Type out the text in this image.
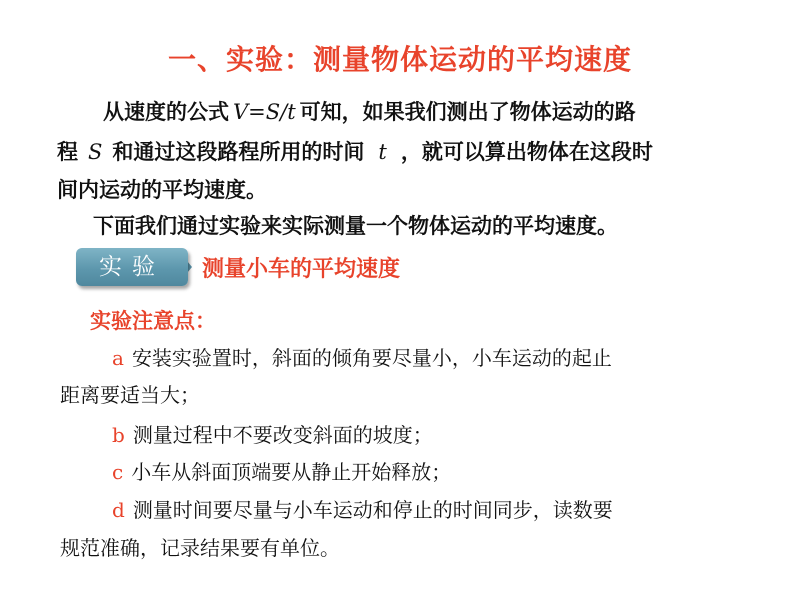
一、实验：测量物体运动的平均速度
从速度的公式 V=S/t 可知，如果我们测出了物体运动的路
程 S 和通过这段路程所用的时间 t ，就可以算出物体在这段时
间内运动的平均速度。
下面我们通过实验来实际测量一个物体运动的平均速度。
实验	测量小车的平均速度
实验注意点：
a 安装实验置时，斜面的倾角要尽量小，小车运动的起止
距离要适当大；
b 测量过程中不要改变斜面的坡度；
c 小车从斜面顶端要从静止开始释放；
d 测量时间要尽量与小车运动和停止的时间同步，读数要
规范准确，记录结果要有单位。
